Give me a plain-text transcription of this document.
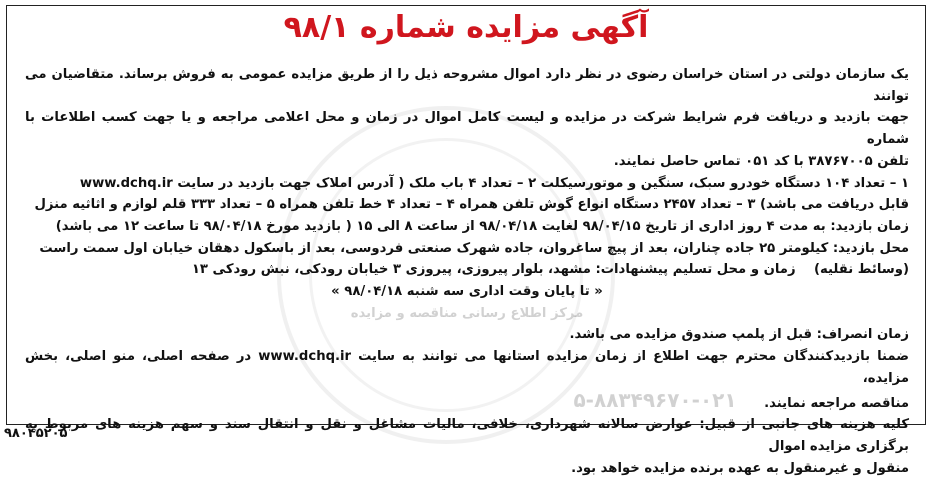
آگهی مزایده شماره ۹۸/۱

یک سازمان دولتی در استان خراسان رضوی در نظر دارد اموال مشروحه ذیل را از طریق مزایده عمومی به فروش برساند. متقاضیان می توانند

جهت بازدید و دریافت فرم شرایط شرکت در مزایده و لیست کامل اموال در زمان و محل اعلامی مراجعه و یا جهت کسب اطلاعات با شماره

تلفن ۳۸۷۶۷۰۰۵ با کد ۰۵۱ تماس حاصل نمایند.

۱ – تعداد ۱۰۴ دستگاه خودرو سبک، سنگین و موتورسیکلت ۲ – تعداد ۴ باب ملک ( آدرس املاک جهت بازدید در سایت www.dchq.ir

قابل دریافت می باشد) ۳ – تعداد ۲۴۵۷ دستگاه انواع گوش تلفن همراه ۴ – تعداد ۴ خط تلفن همراه ۵ – تعداد ۳۳۳ قلم لوازم و اثاثیه منزل

زمان بازدید: به مدت ۴ روز اداری از تاریخ ۹۸/۰۴/۱۵ لغایت ۹۸/۰۴/۱۸ از ساعت ۸ الی ۱۵ ( بازدید مورخ ۹۸/۰۴/۱۸ تا ساعت ۱۲ می باشد)

محل بازدید: کیلومتر ۲۵ جاده چناران، بعد از پیچ ساغروان، جاده شهرک صنعتی فردوسی، بعد از باسکول دهقان خیابان اول سمت راست

(وسائط نقلیه)    زمان و محل تسلیم پیشنهادات: مشهد، بلوار پیروزی، پیروزی ۳ خیابان رودکی، نبش رودکی ۱۳

« تا پایان وقت اداری سه شنبه ۹۸/۰۴/۱۸ »

مرکز اطلاع رسانی مناقصه و مزایده

زمان انصراف: قبل از پلمپ صندوق مزایده می باشد.

ضمنا بازدیدکنندگان محترم جهت اطلاع از زمان مزایده استانها می توانند به سایت www.dchq.ir در صفحه اصلی، منو اصلی، بخش مزایده،

مناقصه مراجعه نمایند.      ۰۲۱-۸۸۳۴۹۶۷۰-۵

کلیه هزینه های جانبی از قبیل: عوارض سالانه شهرداری، خلافی، مالیات مشاغل و نقل و انتقال سند و سهم هزینه های مربوط به برگزاری مزایده اموال

منقول و غیرمنقول به عهده برنده مزایده خواهد بود.

۹۸۰۴۵۲۰۵
